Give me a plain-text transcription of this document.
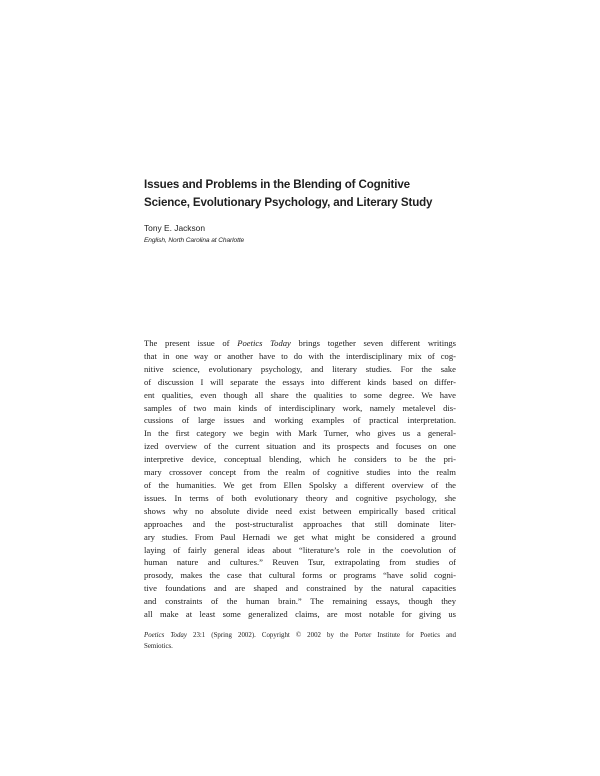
Issues and Problems in the Blending of Cognitive
Science, Evolutionary Psychology, and Literary Study

Tony E. Jackson

English, North Carolina at Charlotte

The present issue of Poetics Today brings together seven different writings
that in one way or another have to do with the interdisciplinary mix of cog-
nitive science, evolutionary psychology, and literary studies. For the sake
of discussion I will separate the essays into different kinds based on differ-
ent qualities, even though all share the qualities to some degree. We have
samples of two main kinds of interdisciplinary work, namely metalevel dis-
cussions of large issues and working examples of practical interpretation.
In the first category we begin with Mark Turner, who gives us a general-
ized overview of the current situation and its prospects and focuses on one
interpretive device, conceptual blending, which he considers to be the pri-
mary crossover concept from the realm of cognitive studies into the realm
of the humanities. We get from Ellen Spolsky a different overview of the
issues. In terms of both evolutionary theory and cognitive psychology, she
shows why no absolute divide need exist between empirically based critical
approaches and the post-structuralist approaches that still dominate liter-
ary studies. From Paul Hernadi we get what might be considered a ground
laying of fairly general ideas about “literature’s role in the coevolution of
human nature and cultures.” Reuven Tsur, extrapolating from studies of
prosody, makes the case that cultural forms or programs “have solid cogni-
tive foundations and are shaped and constrained by the natural capacities
and constraints of the human brain.” The remaining essays, though they
all make at least some generalized claims, are most notable for giving us
Poetics Today 23:1 (Spring 2002). Copyright © 2002 by the Porter Institute for Poetics and
Semiotics.
